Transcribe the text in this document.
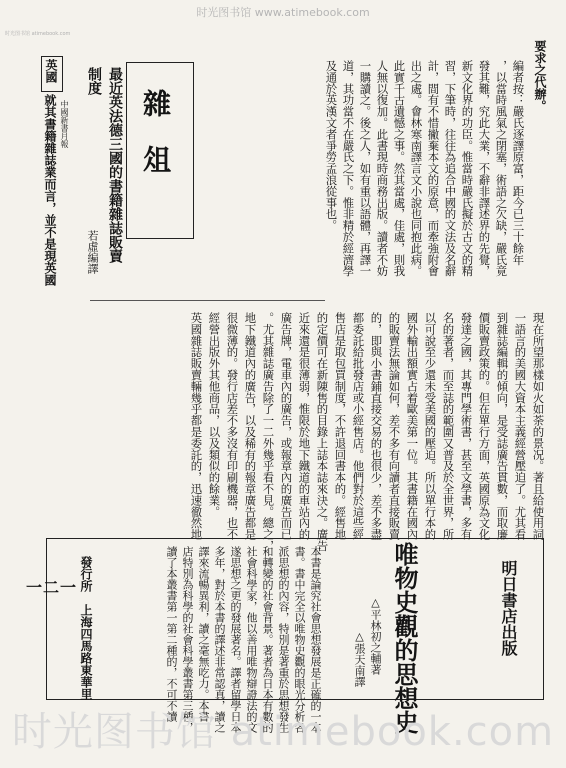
时光图书馆 www.atimebook.com
时光图书馆 atimebook.com
英國
就其書籍雜誌業而言，並不是現英國 中國新書月報	雜　俎
最近英法德三國的書籍雜誌販賣
制度
若虛編譯
要求之代辦。
編者按：嚴氏逐譯原富，距今已三十餘年
，以當時風氣之閉塞，術語之欠缺，嚴氏竟
發其難，究此大業，不辭非譯述界的先覺，
新文化界的功臣。惟當時嚴氏擬於古文的精
習，下筆時，往往為追合中國的文法及名辭
計，間有不惜撇棄本文的原意，而牽強附會
出之處。會林寒南譯言文小說也同抱此病。
此實千古遺憾之事。然其當處，佳處，則我
人無以復加。此書現時商務出版。讀者不妨
一購讀之。後之人，如有重以語體，再譯一
道，其功當不在嚴氏之下。惟非精於經濟學
及通於英漢文者爭勞孟浪從事也。
現在所望那樣如火如荼的景况。著且給使用詞
一語言的美國大資本主義經營壓迫了。尤其看
到雜誌編輯的傾向，是受誌廣告貫數，而取廉
價販賣政策的。但在單行方面，英國原為文化
發達之國，其專門學術書，甚至文學書，多有
名的著者，而至誌的範圍又普及於全世界，所
以可說至少還未受美國的壓迫。所以單行本的
國外輸出額實占着歐美第一位。其書籍在國內
的販賣法無論如何，差不多有向讀者直接販賣
的，即與小書鋪直接交易的也很少，差不多盡
都委託給批發店或小經售店。他們對於這些經
售店是取包買制度，不許退回書本的。經售地
的定價可在新陳售的目錄上誌本誌來決之。廣告
近來還是很薄弱，惟限於地下鐵道的車站內的
廣告牌，電車內的廣告，或報章內的廣告而已
。尤其雜誌廣告除了一二外幾乎看不見。總之，
地下鐵道內的廣告，以及稀有的報章廣告都是
很微薄的。發行店差不多沒有印刷機器，也不
經營出版外其他商品，以及類似的餘業。
英國雜誌販賣輛幾乎都是委託的，迅速徹然地
明日書店出版
唯物史觀的思想史
△平林初之輔著
△張天南譯
本書是論究社會思想發展是正確的一本
書。書中完全以唯物史觀的眼光分析各
派思想的內容，特別是著重於思想發生
和轉變的社會背景。著者為日本有數的
社會科學家，他以善用唯物辯證法的文
遂思想之更的發展著名。譯者留學日本
多年，對於本書的譯述非常認真，讀之
譯來流暢異利，讀之毫無吃力。本書
店特別為科學的社會科學叢書第三種，
讀了本叢書第一第二種的，不可不讀
發行所　上海四馬路東華里
一二一
时光图书馆 atimebook.com
